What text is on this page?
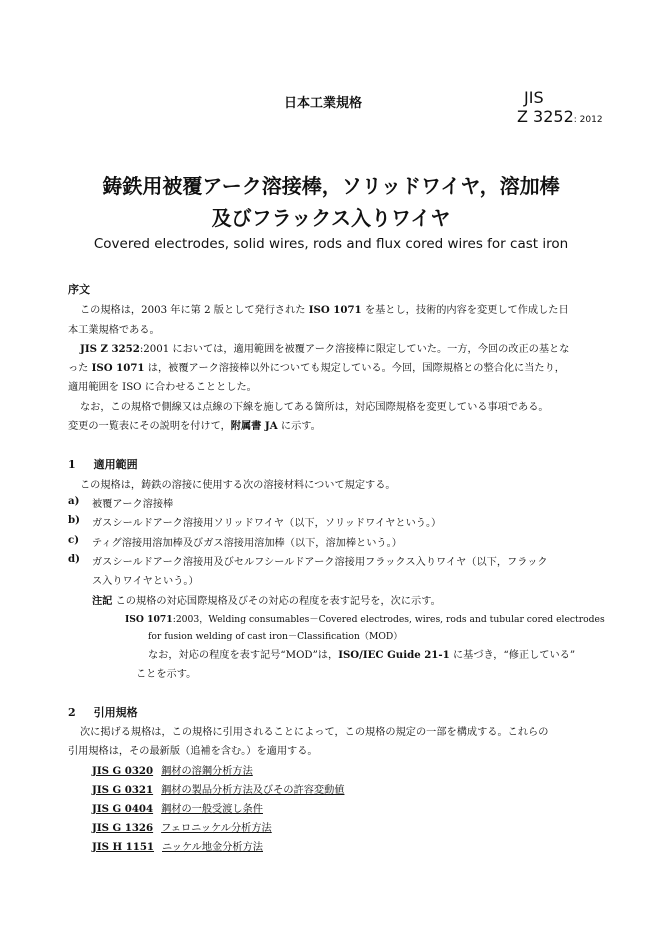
日本工業規格	JIS
Z 3252: 2012
鋳鉄用被覆アーク溶接棒，ソリッドワイヤ，溶加棒
及びフラックス入りワイヤ
Covered electrodes, solid wires, rods and flux cored wires for cast iron
序文
この規格は，2003 年に第 2 版として発行された ISO 1071 を基とし，技術的内容を変更して作成した日
本工業規格である。
JIS Z 3252:2001 においては，適用範囲を被覆アーク溶接棒に限定していた。一方，今回の改正の基とな
った ISO 1071 は，被覆アーク溶接棒以外についても規定している。今回，国際規格との整合化に当たり，
適用範囲を ISO に合わせることとした。
なお，この規格で側線又は点線の下線を施してある箇所は，対応国際規格を変更している事項である。
変更の一覧表にその説明を付けて，附属書 JA に示す。
1 適用範囲
この規格は，鋳鉄の溶接に使用する次の溶接材料について規定する。
a) 被覆アーク溶接棒
b) ガスシールドアーク溶接用ソリッドワイヤ（以下，ソリッドワイヤという。）
c) ティグ溶接用溶加棒及びガス溶接用溶加棒（以下，溶加棒という。）
d) ガスシールドアーク溶接用及びセルフシールドアーク溶接用フラックス入りワイヤ（以下，フラック
ス入りワイヤという。）
注記 この規格の対応国際規格及びその対応の程度を表す記号を，次に示す。
ISO 1071:2003，Welding consumables－Covered electrodes, wires, rods and tubular cored electrodes
for fusion welding of cast iron－Classification（MOD）
なお，対応の程度を表す記号“MOD”は，ISO/IEC Guide 21-1 に基づき，“修正している”
ことを示す。
2 引用規格
次に掲げる規格は，この規格に引用されることによって，この規格の規定の一部を構成する。これらの
引用規格は，その最新版（追補を含む。）を適用する。
JIS G 0320 鋼材の溶鋼分析方法
JIS G 0321 鋼材の製品分析方法及びその許容変動値
JIS G 0404 鋼材の一般受渡し条件
JIS G 1326 フェロニッケル分析方法
JIS H 1151 ニッケル地金分析方法
